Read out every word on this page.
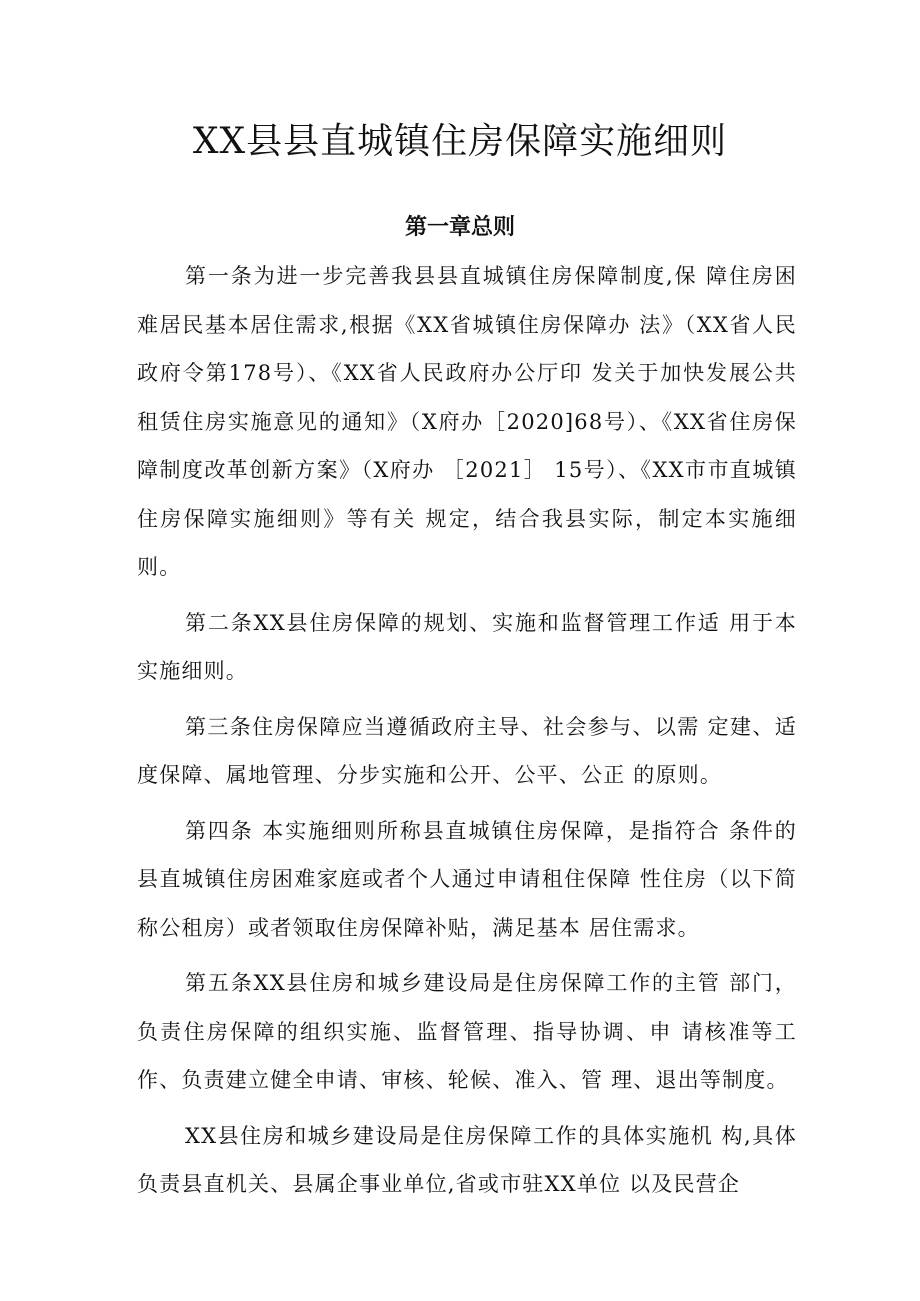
XX县县直城镇住房保障实施细则
第一章总则

第一条为进一步完善我县县直城镇住房保障制度,保 障住房困难居民基本居住需求,根据《XX省城镇住房保障办 法》（XX省人民政府令第178号）、《XX省人民政府办公厅印 发关于加快发展公共租赁住房实施意见的通知》（X府办［2020]68号）、《XX省住房保障制度改革创新方案》（X府办 ［2021］ 15号）、《XX市市直城镇住房保障实施细则》等有关 规定，结合我县实际，制定本实施细则。

第二条XX县住房保障的规划、实施和监督管理工作适 用于本实施细则。

第三条住房保障应当遵循政府主导、社会参与、以需 定建、适度保障、属地管理、分步实施和公开、公平、公正 的原则。

第四条 本实施细则所称县直城镇住房保障，是指符合 条件的县直城镇住房困难家庭或者个人通过申请租住保障 性住房（以下简称公租房）或者领取住房保障补贴，满足基本 居住需求。

第五条XX县住房和城乡建设局是住房保障工作的主管 部门，负责住房保障的组织实施、监督管理、指导协调、申 请核准等工作、负责建立健全申请、审核、轮候、准入、管 理、退出等制度。

XX县住房和城乡建设局是住房保障工作的具体实施机 构,具体负责县直机关、县属企事业单位,省或市驻XX单位 以及民营企
